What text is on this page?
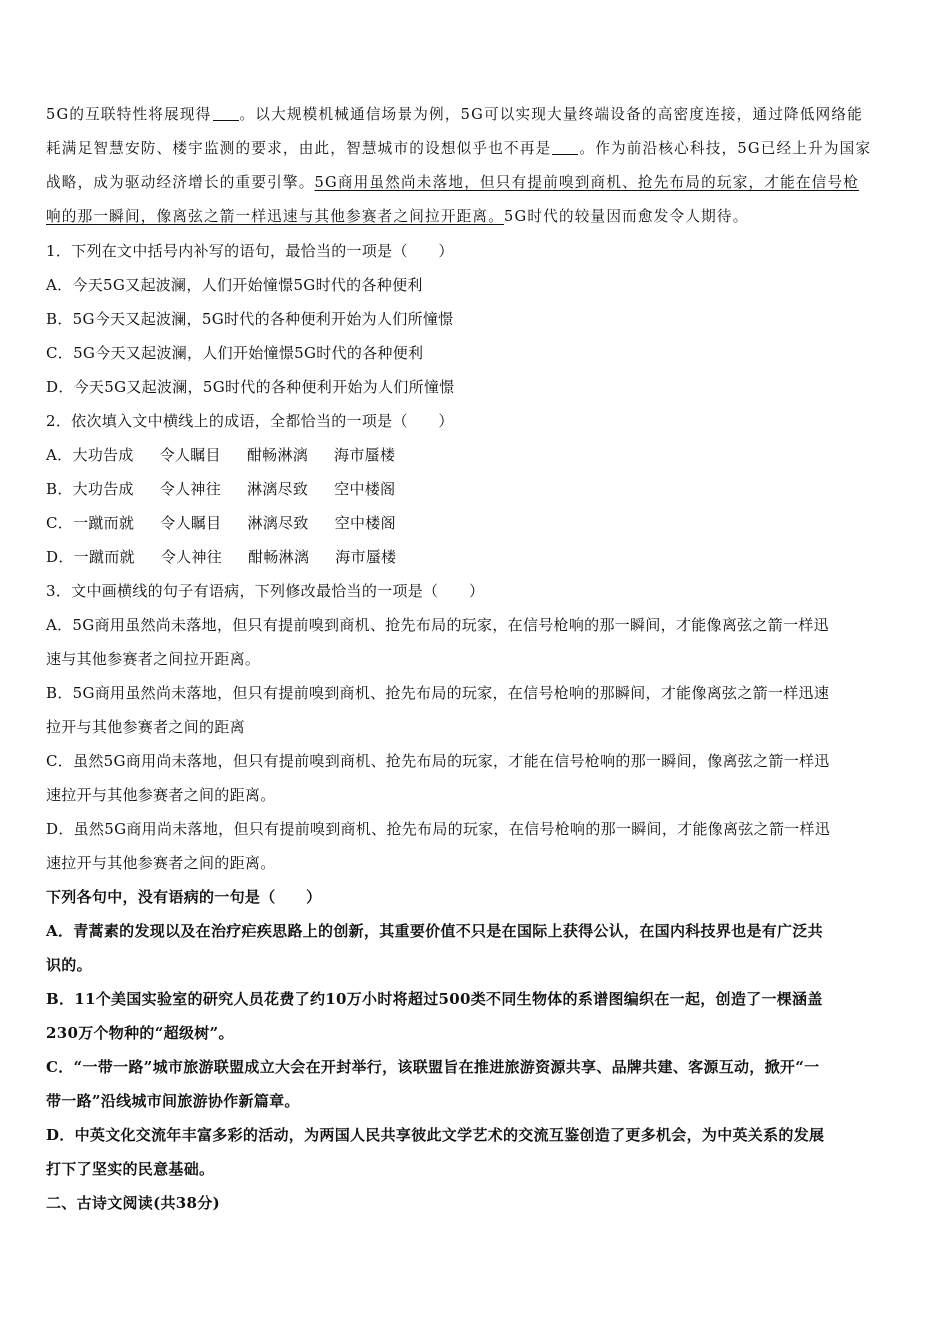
5G的互联特性将展现得 。以大规模机械通信场景为例，5G可以实现大量终端设备的高密度连接，通过降低网络能
耗满足智慧安防、楼宇监测的要求，由此，智慧城市的设想似乎也不再是 。作为前沿核心科技，5G已经上升为国家
战略，成为驱动经济增长的重要引擎。5G商用虽然尚未落地，但只有提前嗅到商机、抢先布局的玩家，才能在信号枪
响的那一瞬间，像离弦之箭一样迅速与其他参赛者之间拉开距离。5G时代的较量因而愈发令人期待。
1．下列在文中括号内补写的语句，最恰当的一项是（　　）
A．今天5G又起波澜，人们开始憧憬5G时代的各种便利
B．5G今天又起波澜，5G时代的各种便利开始为人们所憧憬
C．5G今天又起波澜，人们开始憧憬5G时代的各种便利
D．今天5G又起波澜，5G时代的各种便利开始为人们所憧憬
2．依次填入文中横线上的成语，全都恰当的一项是（　　）
A．大功告成 令人瞩目 酣畅淋漓 海市蜃楼
B．大功告成 令人神往 淋漓尽致 空中楼阁
C．一蹴而就 令人瞩目 淋漓尽致 空中楼阁
D．一蹴而就 令人神往 酣畅淋漓 海市蜃楼
3．文中画横线的句子有语病，下列修改最恰当的一项是（　　）
A．5G商用虽然尚未落地，但只有提前嗅到商机、抢先布局的玩家，在信号枪响的那一瞬间，才能像离弦之箭一样迅
速与其他参赛者之间拉开距离。
B．5G商用虽然尚未落地，但只有提前嗅到商机、抢先布局的玩家，在信号枪响的那瞬间，才能像离弦之箭一样迅速
拉开与其他参赛者之间的距离
C．虽然5G商用尚未落地，但只有提前嗅到商机、抢先布局的玩家，才能在信号枪响的那一瞬间，像离弦之箭一样迅
速拉开与其他参赛者之间的距离。
D．虽然5G商用尚未落地，但只有提前嗅到商机、抢先布局的玩家，在信号枪响的那一瞬间，才能像离弦之箭一样迅
速拉开与其他参赛者之间的距离。
下列各句中，没有语病的一句是（　　）
A．青蒿素的发现以及在治疗疟疾思路上的创新，其重要价值不只是在国际上获得公认，在国内科技界也是有广泛共
识的。
B．11个美国实验室的研究人员花费了约10万小时将超过500类不同生物体的系谱图编织在一起，创造了一棵涵盖
230万个物种的“超级树”。
C．“一带一路”城市旅游联盟成立大会在开封举行，该联盟旨在推进旅游资源共享、品牌共建、客源互动，掀开“一
带一路”沿线城市间旅游协作新篇章。
D．中英文化交流年丰富多彩的活动，为两国人民共享彼此文学艺术的交流互鉴创造了更多机会，为中英关系的发展
打下了坚实的民意基础。
二、古诗文阅读(共38分)
